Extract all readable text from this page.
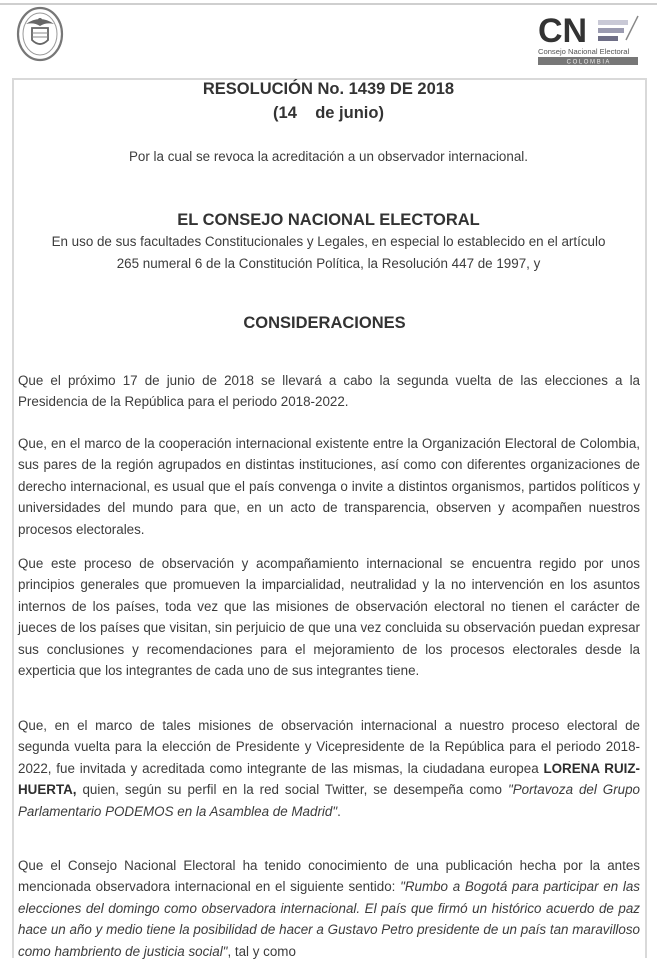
CN
Consejo Nacional Electoral
C O L O M B I A
RESOLUCIÓN No. 1439 DE 2018
(14    de junio)
Por la cual se revoca la acreditación a un observador internacional.
EL CONSEJO NACIONAL ELECTORAL
En uso de sus facultades Constitucionales y Legales, en especial lo establecido en el artículo
265 numeral 6 de la Constitución Política, la Resolución 447 de 1997, y
CONSIDERACIONES
Que el próximo 17 de junio de 2018 se llevará a cabo la segunda vuelta de las elecciones a la Presidencia de la República para el periodo 2018-2022.
Que, en el marco de la cooperación internacional existente entre la Organización Electoral de Colombia, sus pares de la región agrupados en distintas instituciones, así como con diferentes organizaciones de derecho internacional, es usual que el país convenga o invite a distintos organismos, partidos políticos y universidades del mundo para que, en un acto de transparencia, observen y acompañen nuestros procesos electorales.
Que este proceso de observación y acompañamiento internacional se encuentra regido por unos principios generales que promueven la imparcialidad, neutralidad y la no intervención en los asuntos internos de los países, toda vez que las misiones de observación electoral no tienen el carácter de jueces de los países que visitan, sin perjuicio de que una vez concluida su observación puedan expresar sus conclusiones y recomendaciones para el mejoramiento de los procesos electorales desde la experticia que los integrantes de cada uno de sus integrantes tiene.
Que, en el marco de tales misiones de observación internacional a nuestro proceso electoral de segunda vuelta para la elección de Presidente y Vicepresidente de la República para el periodo 2018-2022, fue invitada y acreditada como integrante de las mismas, la ciudadana europea LORENA RUIZ-HUERTA, quien, según su perfil en la red social Twitter, se desempeña como "Portavoza del Grupo Parlamentario PODEMOS en la Asamblea de Madrid".
Que el Consejo Nacional Electoral ha tenido conocimiento de una publicación hecha por la antes mencionada observadora internacional en el siguiente sentido: "Rumbo a Bogotá para participar en las elecciones del domingo como observadora internacional. El país que firmó un histórico acuerdo de paz hace un año y medio tiene la posibilidad de hacer a Gustavo Petro presidente de un país tan maravilloso como hambriento de justicia social", tal y como
